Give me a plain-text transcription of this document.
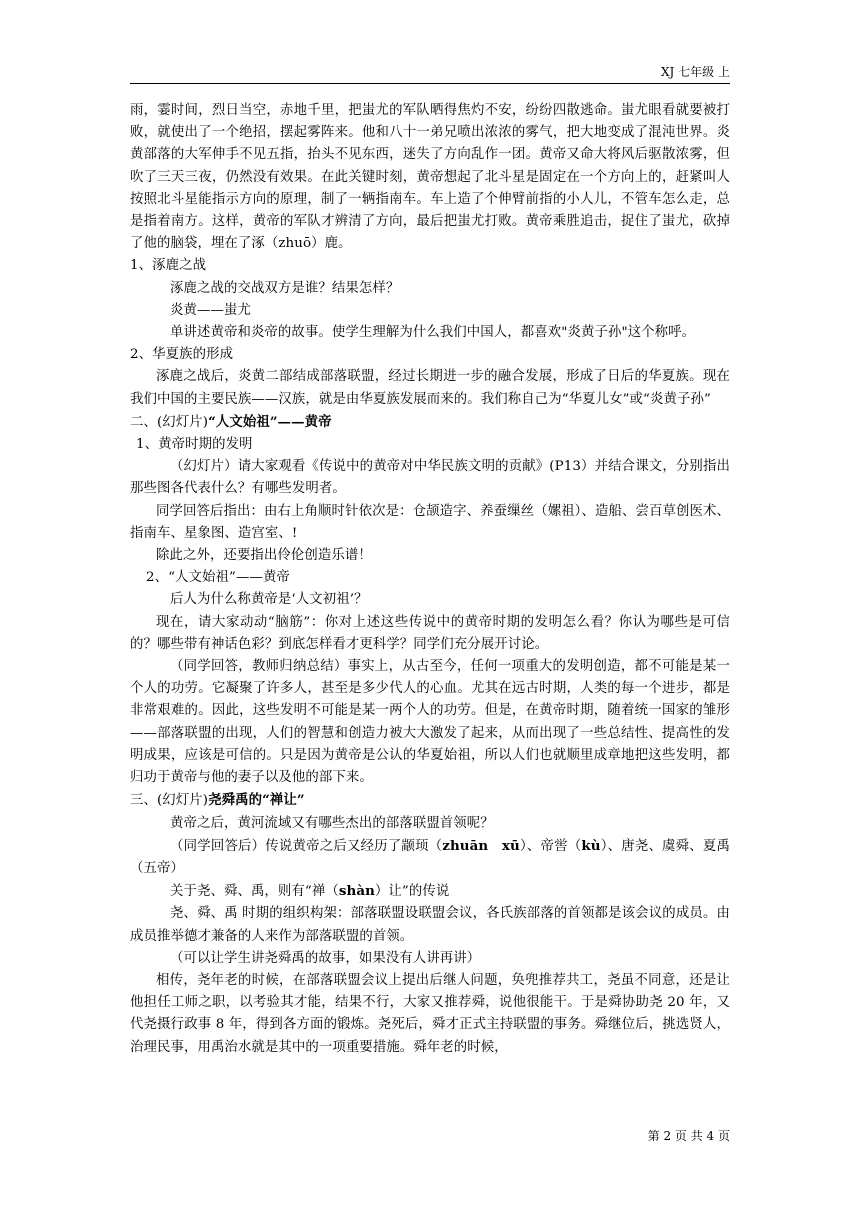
XJ 七年级 上

雨，霎时间，烈日当空，赤地千里，把蚩尤的军队晒得焦灼不安，纷纷四散逃命。蚩尤眼看就要被打败，就使出了一个绝招，摆起雾阵来。他和八十一弟兄喷出浓浓的雾气，把大地变成了混沌世界。炎黄部落的大军伸手不见五指，抬头不见东西，迷失了方向乱作一团。黄帝又命大将风后驱散浓雾，但吹了三天三夜，仍然没有效果。在此关键时刻，黄帝想起了北斗星是固定在一个方向上的，赶紧叫人按照北斗星能指示方向的原理，制了一辆指南车。车上造了个伸臂前指的小人儿，不管车怎么走，总是指着南方。这样，黄帝的军队才辨清了方向，最后把蚩尤打败。黄帝乘胜追击，捉住了蚩尤，砍掉了他的脑袋，埋在了涿（zhuō）鹿。

1、涿鹿之战

涿鹿之战的交战双方是谁？结果怎样？

炎黄——蚩尤

单讲述黄帝和炎帝的故事。使学生理解为什么我们中国人，都喜欢"炎黄子孙"这个称呼。

2、华夏族的形成

涿鹿之战后，炎黄二部结成部落联盟，经过长期进一步的融合发展，形成了日后的华夏族。现在我们中国的主要民族——汉族，就是由华夏族发展而来的。我们称自己为“华夏儿女”或“炎黄子孙”

二、(幻灯片)“人文始祖”——黄帝

1、黄帝时期的发明

（幻灯片）请大家观看《传说中的黄帝对中华民族文明的贡献》(P13）并结合课文，分别指出那些图各代表什么？有哪些发明者。

同学回答后指出：由右上角顺时针依次是：仓颉造字、养蚕缫丝（嫘祖）、造船、尝百草创医术、指南车、星象图、造宫室、!

除此之外，还要指出伶伦创造乐谱！

2、“人文始祖”——黄帝

后人为什么称黄帝是‘人文初祖’？

现在，请大家动动“脑筋”：你对上述这些传说中的黄帝时期的发明怎么看？你认为哪些是可信的？哪些带有神话色彩？到底怎样看才更科学？同学们充分展开讨论。

（同学回答，教师归纳总结）事实上，从古至今，任何一项重大的发明创造，都不可能是某一个人的功劳。它凝聚了许多人，甚至是多少代人的心血。尤其在远古时期，人类的每一个进步，都是非常艰难的。因此，这些发明不可能是某一两个人的功劳。但是，在黄帝时期，随着统一国家的雏形——部落联盟的出现，人们的智慧和创造力被大大激发了起来，从而出现了一些总结性、提高性的发明成果，应该是可信的。只是因为黄帝是公认的华夏始祖，所以人们也就顺里成章地把这些发明，都归功于黄帝与他的妻子以及他的部下来。

三、(幻灯片)尧舜禹的“禅让”

黄帝之后，黄河流域又有哪些杰出的部落联盟首领呢？

（同学回答后）传说黄帝之后又经历了颛顼（zhuān　xū）、帝喾（kù）、唐尧、虞舜、夏禹（五帝）

关于尧、舜、禹，则有“禅（shàn）让”的传说

尧、舜、禹 时期的组织构架：部落联盟设联盟会议，各氏族部落的首领都是该会议的成员。由成员推举德才兼备的人来作为部落联盟的首领。

（可以让学生讲尧舜禹的故事，如果没有人讲再讲）

相传，尧年老的时候，在部落联盟会议上提出后继人问题，奂兜推荐共工，尧虽不同意，还是让他担任工师之职，以考验其才能，结果不行，大家又推荐舜，说他很能干。于是舜协助尧 20 年，又代尧摄行政事 8 年，得到各方面的锻炼。尧死后，舜才正式主持联盟的事务。舜继位后，挑选贤人，治理民事，用禹治水就是其中的一项重要措施。舜年老的时候，

第 2 页 共 4 页
